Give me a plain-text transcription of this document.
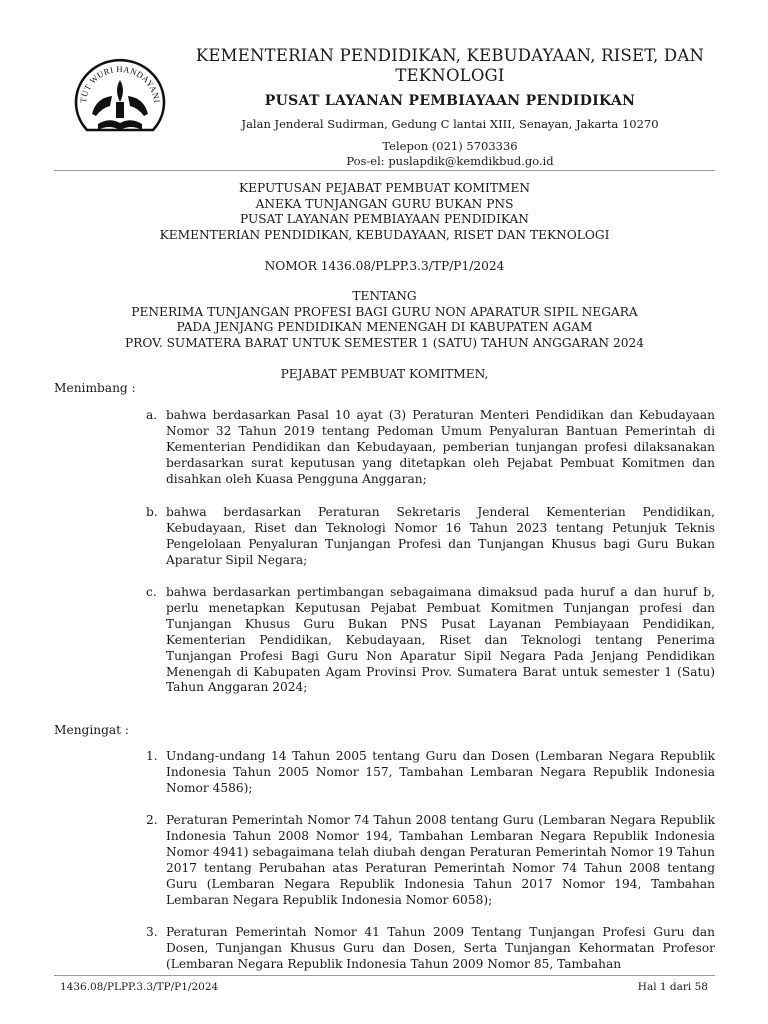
TUT WURI HANDAYANI
KEMENTERIAN PENDIDIKAN, KEBUDAYAAN, RISET, DAN TEKNOLOGI
PUSAT LAYANAN PEMBIAYAAN PENDIDIKAN
Jalan Jenderal Sudirman, Gedung C lantai XIII, Senayan, Jakarta 10270
Telepon (021) 5703336
Pos-el: puslapdik@kemdikbud.go.id
KEPUTUSAN PEJABAT PEMBUAT KOMITMEN
ANEKA TUNJANGAN GURU BUKAN PNS
PUSAT LAYANAN PEMBIAYAAN PENDIDIKAN
KEMENTERIAN PENDIDIKAN, KEBUDAYAAN, RISET DAN TEKNOLOGI
NOMOR 1436.08/PLPP.3.3/TP/P1/2024
TENTANG
PENERIMA TUNJANGAN PROFESI BAGI GURU NON APARATUR SIPIL NEGARA
PADA JENJANG PENDIDIKAN MENENGAH DI KABUPATEN AGAM
PROV. SUMATERA BARAT UNTUK SEMESTER 1 (SATU) TAHUN ANGGARAN 2024
PEJABAT PEMBUAT KOMITMEN,
Menimbang :
a. bahwa berdasarkan Pasal 10 ayat (3) Peraturan Menteri Pendidikan dan Kebudayaan Nomor 32 Tahun 2019 tentang Pedoman Umum Penyaluran Bantuan Pemerintah di Kementerian Pendidikan dan Kebudayaan, pemberian tunjangan profesi dilaksanakan berdasarkan surat keputusan yang ditetapkan oleh Pejabat Pembuat Komitmen dan disahkan oleh Kuasa Pengguna Anggaran;
b. bahwa berdasarkan Peraturan Sekretaris Jenderal Kementerian Pendidikan, Kebudayaan, Riset dan Teknologi Nomor 16 Tahun 2023 tentang Petunjuk Teknis Pengelolaan Penyaluran Tunjangan Profesi dan Tunjangan Khusus bagi Guru Bukan Aparatur Sipil Negara;
c. bahwa berdasarkan pertimbangan sebagaimana dimaksud pada huruf a dan huruf b, perlu menetapkan Keputusan Pejabat Pembuat Komitmen Tunjangan profesi dan Tunjangan Khusus Guru Bukan PNS Pusat Layanan Pembiayaan Pendidikan, Kementerian Pendidikan, Kebudayaan, Riset dan Teknologi tentang Penerima Tunjangan Profesi Bagi Guru Non Aparatur Sipil Negara Pada Jenjang Pendidikan Menengah di Kabupaten Agam Provinsi Prov. Sumatera Barat untuk semester 1 (Satu) Tahun Anggaran 2024;
Mengingat :
1. Undang-undang 14 Tahun 2005 tentang Guru dan Dosen (Lembaran Negara Republik Indonesia Tahun 2005 Nomor 157, Tambahan Lembaran Negara Republik Indonesia Nomor 4586);
2. Peraturan Pemerintah Nomor 74 Tahun 2008 tentang Guru (Lembaran Negara Republik Indonesia Tahun 2008 Nomor 194, Tambahan Lembaran Negara Republik Indonesia Nomor 4941) sebagaimana telah diubah dengan Peraturan Pemerintah Nomor 19 Tahun 2017 tentang Perubahan atas Peraturan Pemerintah Nomor 74 Tahun 2008 tentang Guru (Lembaran Negara Republik Indonesia Tahun 2017 Nomor 194, Tambahan Lembaran Negara Republik Indonesia Nomor 6058);
3. Peraturan Pemerintah Nomor 41 Tahun 2009 Tentang Tunjangan Profesi Guru dan Dosen, Tunjangan Khusus Guru dan Dosen, Serta Tunjangan Kehormatan Profesor (Lembaran Negara Republik Indonesia Tahun 2009 Nomor 85, Tambahan
1436.08/PLPP.3.3/TP/P1/2024	Hal 1 dari 58
